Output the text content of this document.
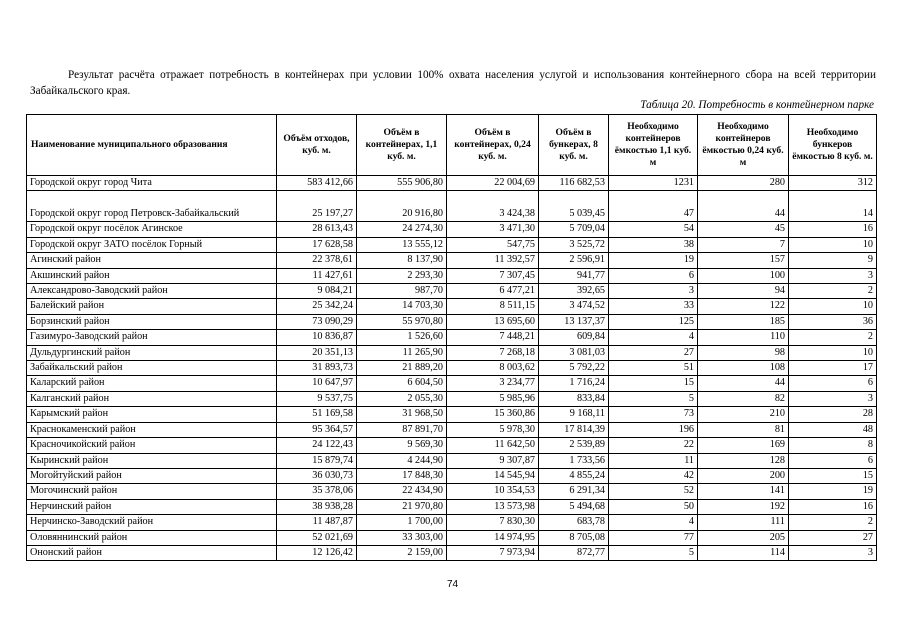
Результат расчёта отражает потребность в контейнерах при условии 100% охвата населения услугой и использования контейнерного сбора на всей территории Забайкальского края.

Таблица 20. Потребность в контейнерном парке
Наименование муниципального образования	Объём отходов, куб. м.	Объём в контейнерах, 1,1 куб. м.	Объём в контейнерах, 0,24 куб. м.	Объём в бункерах, 8 куб. м.	Необходимо контейнеров ёмкостью 1,1 куб. м	Необходимо контейнеров ёмкостью 0,24 куб. м	Необходимо бункеров ёмкостью 8 куб. м.
Городской округ город Чита	583 412,66	555 906,80	22 004,69	116 682,53	1231	280	312
Городской округ город Петровск-Забайкальский	25 197,27	20 916,80	3 424,38	5 039,45	47	44	14
Городской округ посёлок Агинское	28 613,43	24 274,30	3 471,30	5 709,04	54	45	16
Городской округ ЗАТО посёлок Горный	17 628,58	13 555,12	547,75	3 525,72	38	7	10
Агинский район	22 378,61	8 137,90	11 392,57	2 596,91	19	157	9
Акшинский район	11 427,61	2 293,30	7 307,45	941,77	6	100	3
Александрово-Заводский район	9 084,21	987,70	6 477,21	392,65	3	94	2
Балейский район	25 342,24	14 703,30	8 511,15	3 474,52	33	122	10
Борзинский район	73 090,29	55 970,80	13 695,60	13 137,37	125	185	36
Газимуро-Заводский район	10 836,87	1 526,60	7 448,21	609,84	4	110	2
Дульдургинский район	20 351,13	11 265,90	7 268,18	3 081,03	27	98	10
Забайкальский район	31 893,73	21 889,20	8 003,62	5 792,22	51	108	17
Каларский район	10 647,97	6 604,50	3 234,77	1 716,24	15	44	6
Калганский район	9 537,75	2 055,30	5 985,96	833,84	5	82	3
Карымский район	51 169,58	31 968,50	15 360,86	9 168,11	73	210	28
Краснокаменский район	95 364,57	87 891,70	5 978,30	17 814,39	196	81	48
Красночикойский район	24 122,43	9 569,30	11 642,50	2 539,89	22	169	8
Кыринский район	15 879,74	4 244,90	9 307,87	1 733,56	11	128	6
Могойтуйский район	36 030,73	17 848,30	14 545,94	4 855,24	42	200	15
Могочинский район	35 378,06	22 434,90	10 354,53	6 291,34	52	141	19
Нерчинский район	38 938,28	21 970,80	13 573,98	5 494,68	50	192	16
Нерчинско-Заводский район	11 487,87	1 700,00	7 830,30	683,78	4	111	2
Оловяннинский район	52 021,69	33 303,00	14 974,95	8 705,08	77	205	27
Ононский район	12 126,42	2 159,00	7 973,94	872,77	5	114	3
74
